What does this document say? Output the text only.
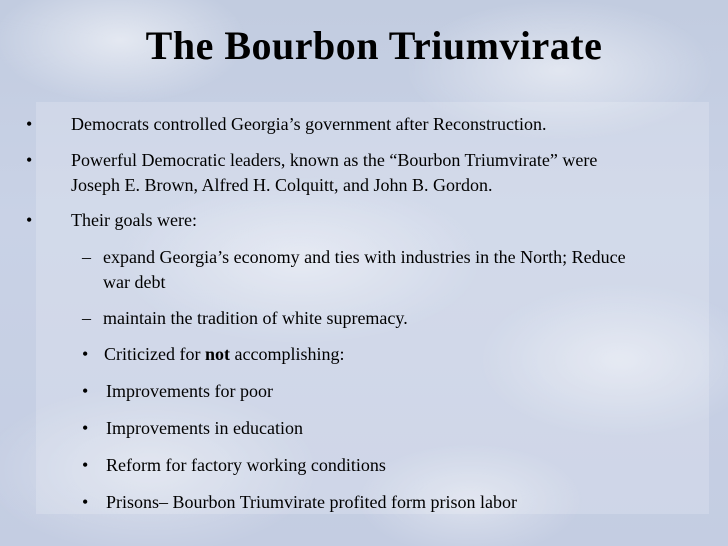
The Bourbon Triumvirate
• Democrats controlled Georgia’s government after Reconstruction.
• Powerful Democratic leaders, known as the “Bourbon Triumvirate” were
Joseph E. Brown, Alfred H. Colquitt, and John B. Gordon.
• Their goals were:
– expand Georgia’s economy and ties with industries in the North; Reduce
war debt
– maintain the tradition of white supremacy.
• Criticized for not accomplishing:
• Improvements for poor
• Improvements in education
• Reform for factory working conditions
• Prisons– Bourbon Triumvirate profited form prison labor
